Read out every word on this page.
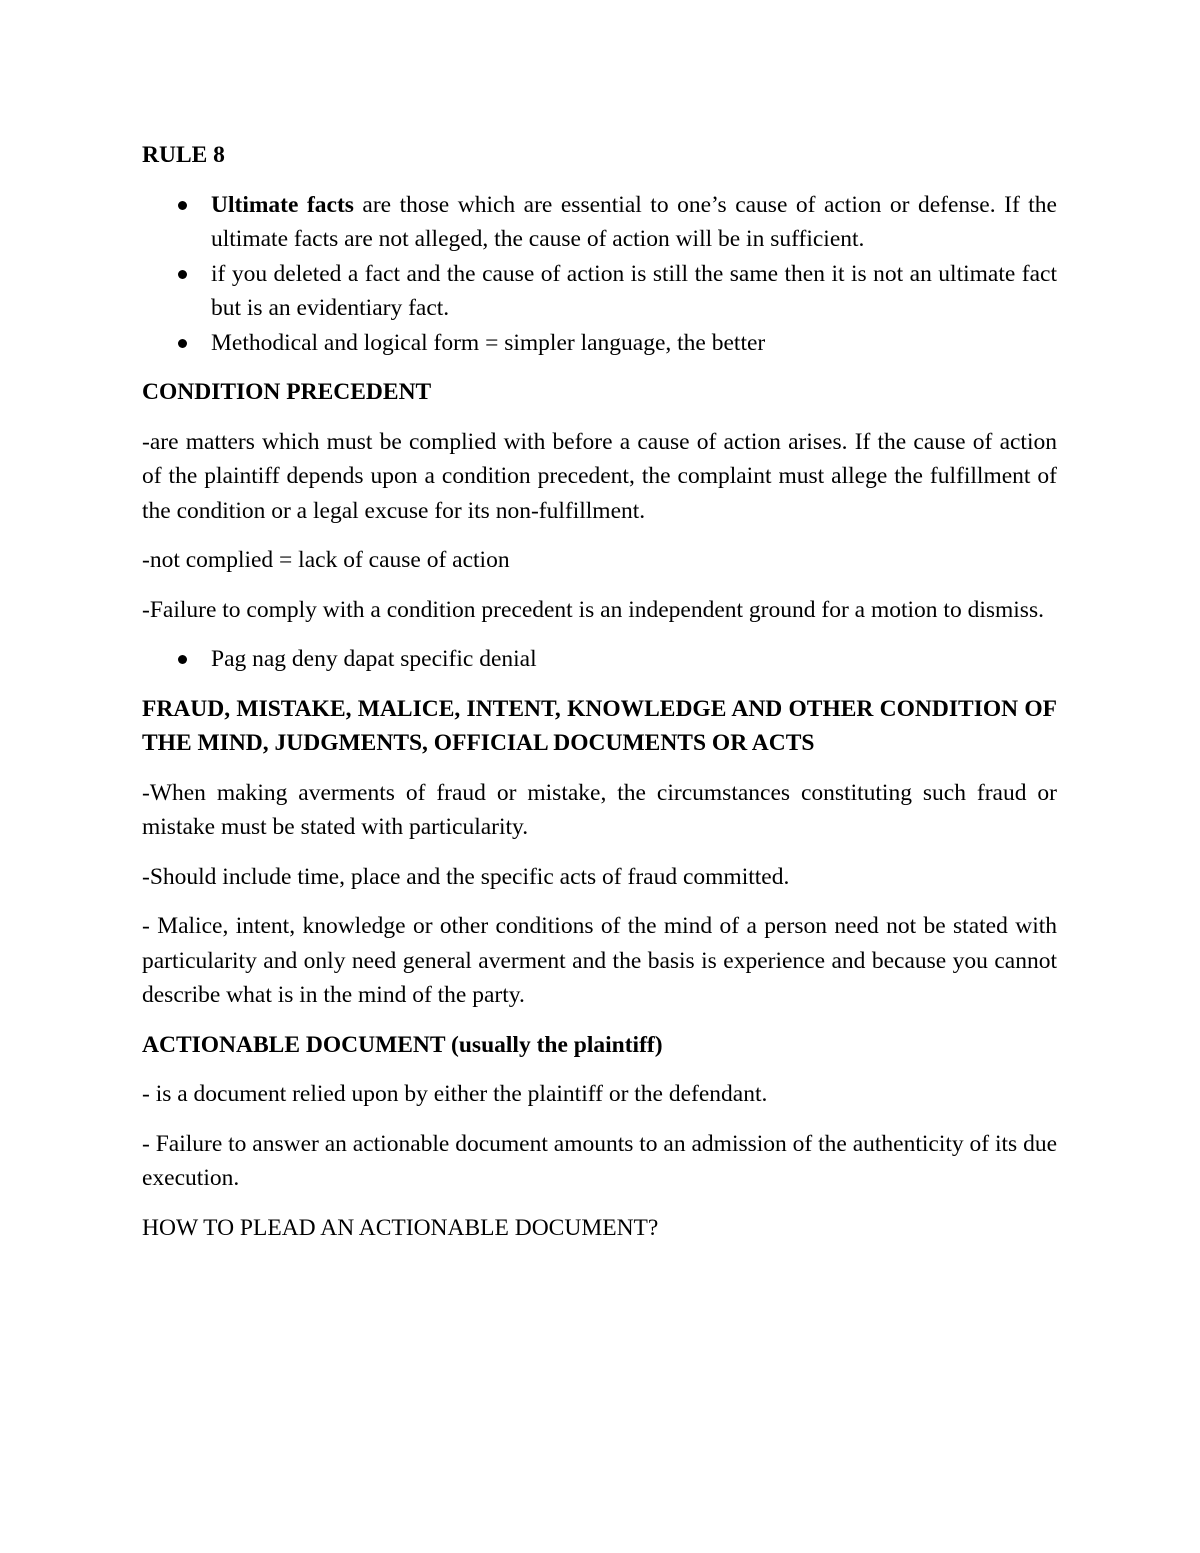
RULE 8

Ultimate facts are those which are essential to one’s cause of action or defense. If the ultimate facts are not alleged, the cause of action will be in sufficient.
if you deleted a fact and the cause of action is still the same then it is not an ultimate fact but is an evidentiary fact.
Methodical and logical form = simpler language, the better

CONDITION PRECEDENT

-are matters which must be complied with before a cause of action arises. If the cause of action of the plaintiff depends upon a condition precedent, the complaint must allege the fulfillment of the condition or a legal excuse for its non-fulfillment.

-not complied = lack of cause of action

-Failure to comply with a condition precedent is an independent ground for a motion to dismiss.

Pag nag deny dapat specific denial

FRAUD, MISTAKE, MALICE, INTENT, KNOWLEDGE AND OTHER CONDITION OF THE MIND, JUDGMENTS, OFFICIAL DOCUMENTS OR ACTS

-When making averments of fraud or mistake, the circumstances constituting such fraud or mistake must be stated with particularity.

-Should include time, place and the specific acts of fraud committed.

- Malice, intent, knowledge or other conditions of the mind of a person need not be stated with particularity and only need general averment and the basis is experience and because you cannot describe what is in the mind of the party.

ACTIONABLE DOCUMENT (usually the plaintiff)

- is a document relied upon by either the plaintiff or the defendant.

- Failure to answer an actionable document amounts to an admission of the authenticity of its due execution.

HOW TO PLEAD AN ACTIONABLE DOCUMENT?
